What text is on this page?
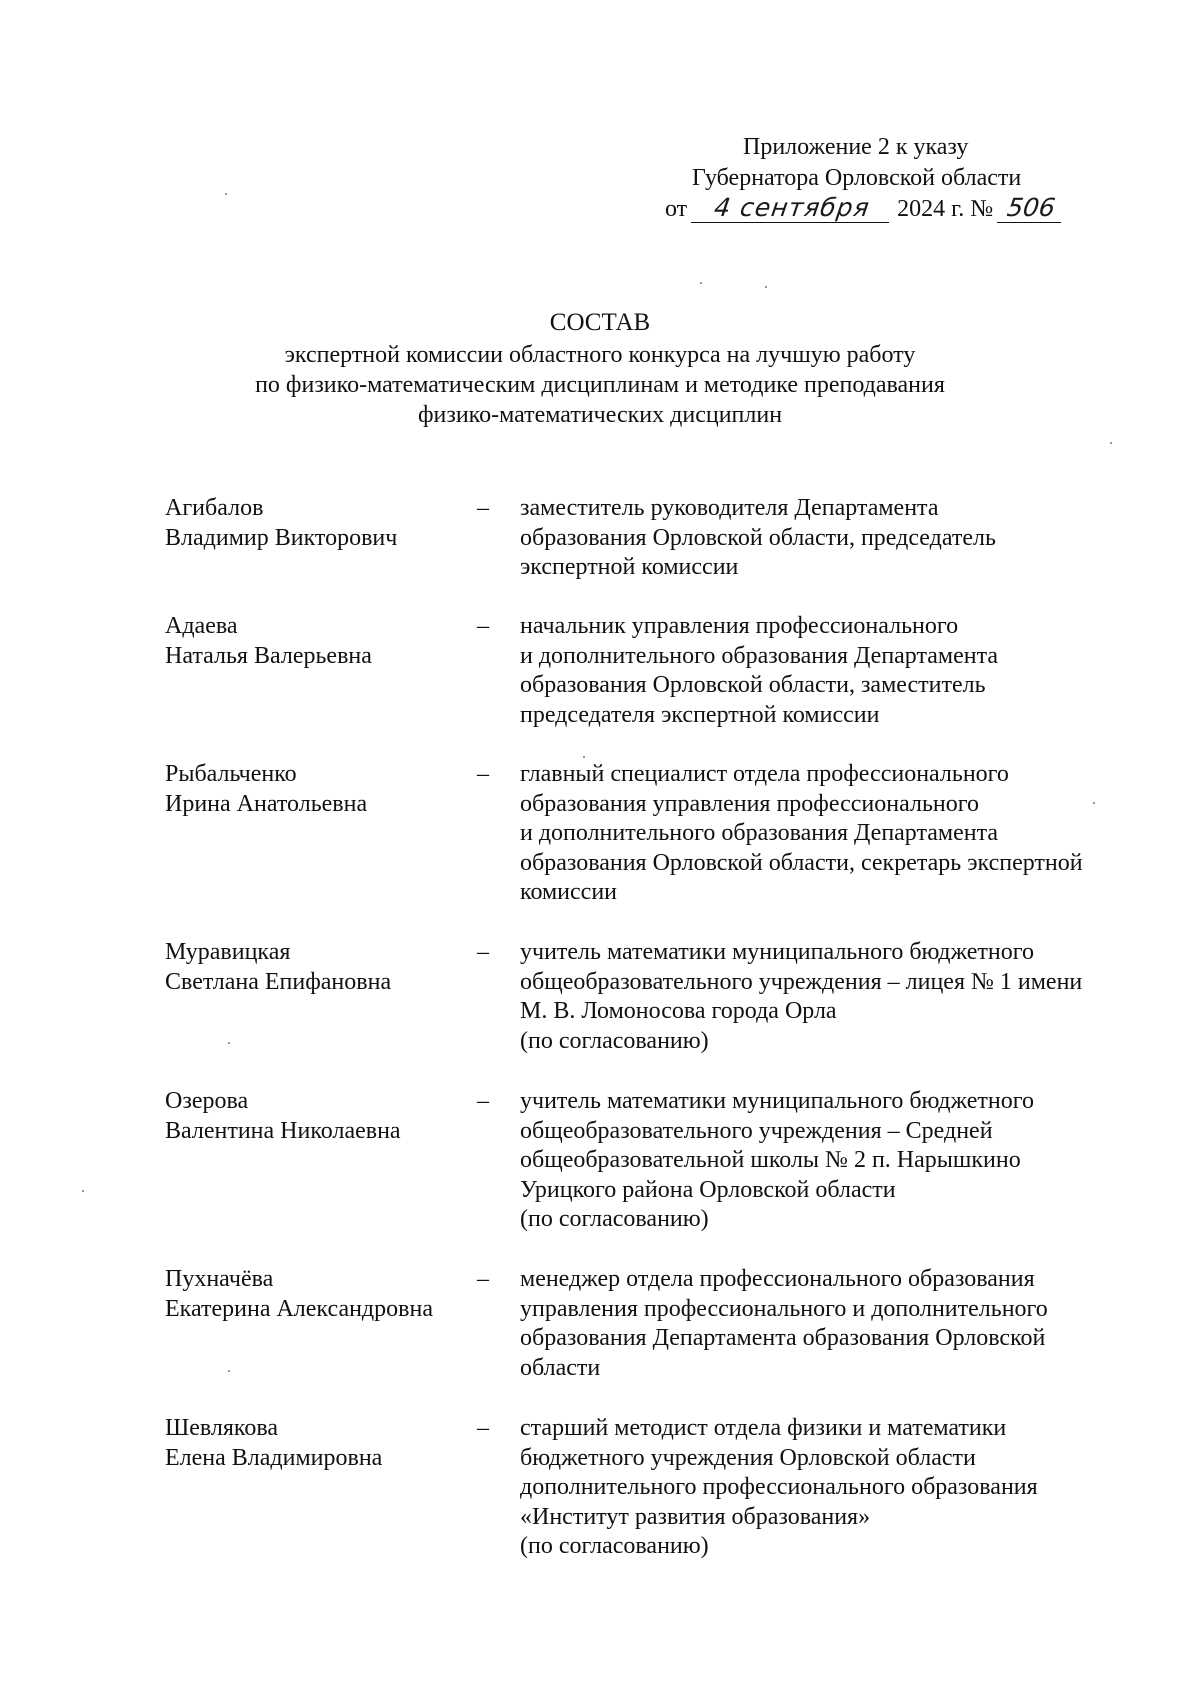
Приложение 2 к указу
Губернатора Орловской области
от 4 сентября 2024 г. № 506
СОСТАВ
экспертной комиссии областного конкурса на лучшую работу
по физико-математическим дисциплинам и методике преподавания
физико-математических дисциплин
Агибалов
Владимир Викторович
– заместитель руководителя Департамента
образования Орловской области, председатель
экспертной комиссии
Адаева
Наталья Валерьевна
– начальник управления профессионального
и дополнительного образования Департамента
образования Орловской области, заместитель
председателя экспертной комиссии
Рыбальченко
Ирина Анатольевна
– главный специалист отдела профессионального
образования управления профессионального
и дополнительного образования Департамента
образования Орловской области, секретарь экспертной
комиссии
Муравицкая
Светлана Епифановна
– учитель математики муниципального бюджетного
общеобразовательного учреждения – лицея № 1 имени
М. В. Ломоносова города Орла
(по согласованию)
Озерова
Валентина Николаевна
– учитель математики муниципального бюджетного
общеобразовательного учреждения – Средней
общеобразовательной школы № 2 п. Нарышкино
Урицкого района Орловской области
(по согласованию)
Пухначёва
Екатерина Александровна
– менеджер отдела профессионального образования
управления профессионального и дополнительного
образования Департамента образования Орловской
области
Шевлякова
Елена Владимировна
– старший методист отдела физики и математики
бюджетного учреждения Орловской области
дополнительного профессионального образования
«Институт развития образования»
(по согласованию)
